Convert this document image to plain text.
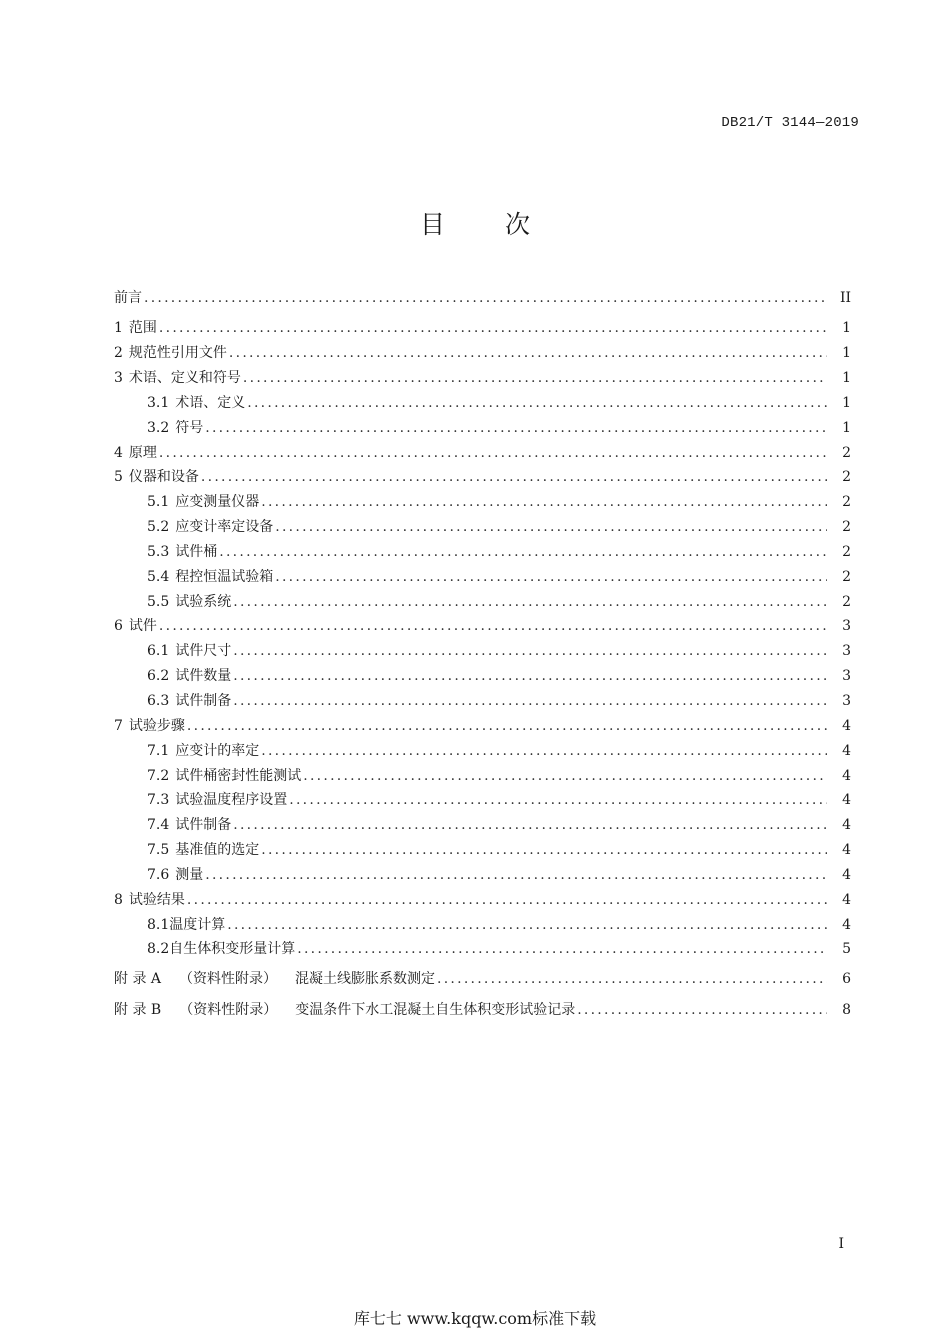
DB21/T 3144—2019
目 次
前言 . . .	II
1 范围 . . .	1
2 规范性引用文件 . . .	1
3 术语、定义和符号 . . .	1
3.1 术语、定义 . . .	1
3.2 符号 . . .	1
4 原理 . . .	2
5 仪器和设备 . . .	2
5.1 应变测量仪器 . . .	2
5.2 应变计率定设备 . . .	2
5.3 试件桶 . . .	2
5.4 程控恒温试验箱 . . .	2
5.5 试验系统 . . .	2
6 试件 . . .	3
6.1 试件尺寸 . . .	3
6.2 试件数量 . . .	3
6.3 试件制备 . . .	3
7 试验步骤 . . .	4
7.1 应变计的率定 . . .	4
7.2 试件桶密封性能测试 . . .	4
7.3 试验温度程序设置 . . .	4
7.4 试件制备 . . .	4
7.5 基准值的选定 . . .	4
7.6 测量 . . .	4
8 试验结果 . . .	4
8.1温度计算 . . .	4
8.2自生体积变形量计算 . . .	5
附 录 A （资料性附录） 混凝土线膨胀系数测定 . . .	6
附 录 B （资料性附录） 变温条件下水工混凝土自生体积变形试验记录 . . .	8
I
库七七 www.kqqw.com标准下载
